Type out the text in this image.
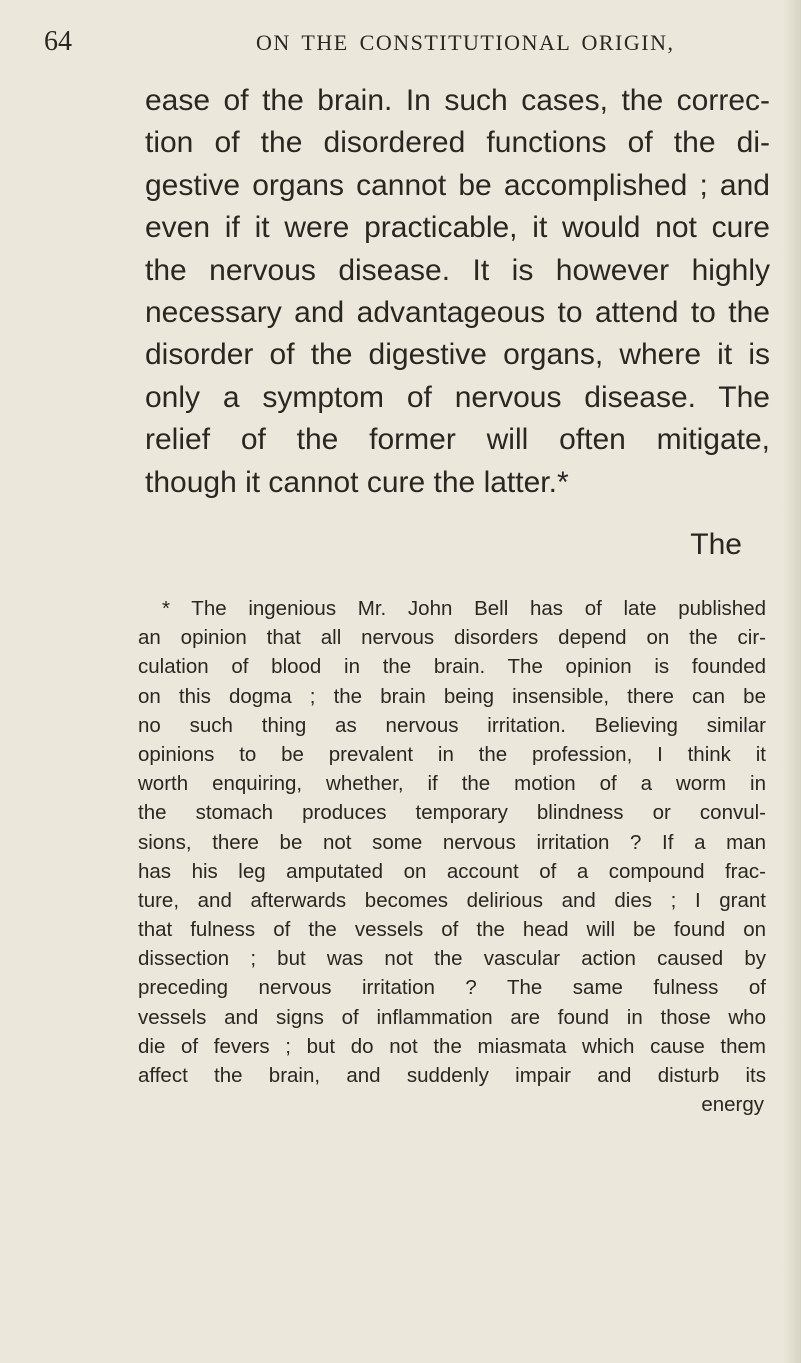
64	ON THE CONSTITUTIONAL ORIGIN,
ease of the brain. In such cases, the correc-
tion of the disordered functions of the di-
gestive organs cannot be accomplished ; and
even if it were practicable, it would not cure
the nervous disease. It is however highly
necessary and advantageous to attend to the
disorder of the digestive organs, where it is
only a symptom of nervous disease. The
relief of the former will often mitigate,
though it cannot cure the latter.*
The
* The ingenious Mr. John Bell has of late published
an opinion that all nervous disorders depend on the cir-
culation of blood in the brain. The opinion is founded
on this dogma ; the brain being insensible, there can be
no such thing as nervous irritation. Believing similar
opinions to be prevalent in the profession, I think it
worth enquiring, whether, if the motion of a worm in
the stomach produces temporary blindness or convul-
sions, there be not some nervous irritation ? If a man
has his leg amputated on account of a compound frac-
ture, and afterwards becomes delirious and dies ; I grant
that fulness of the vessels of the head will be found on
dissection ; but was not the vascular action caused by
preceding nervous irritation ? The same fulness of
vessels and signs of inflammation are found in those who
die of fevers ; but do not the miasmata which cause them
affect the brain, and suddenly impair and disturb its
energy
